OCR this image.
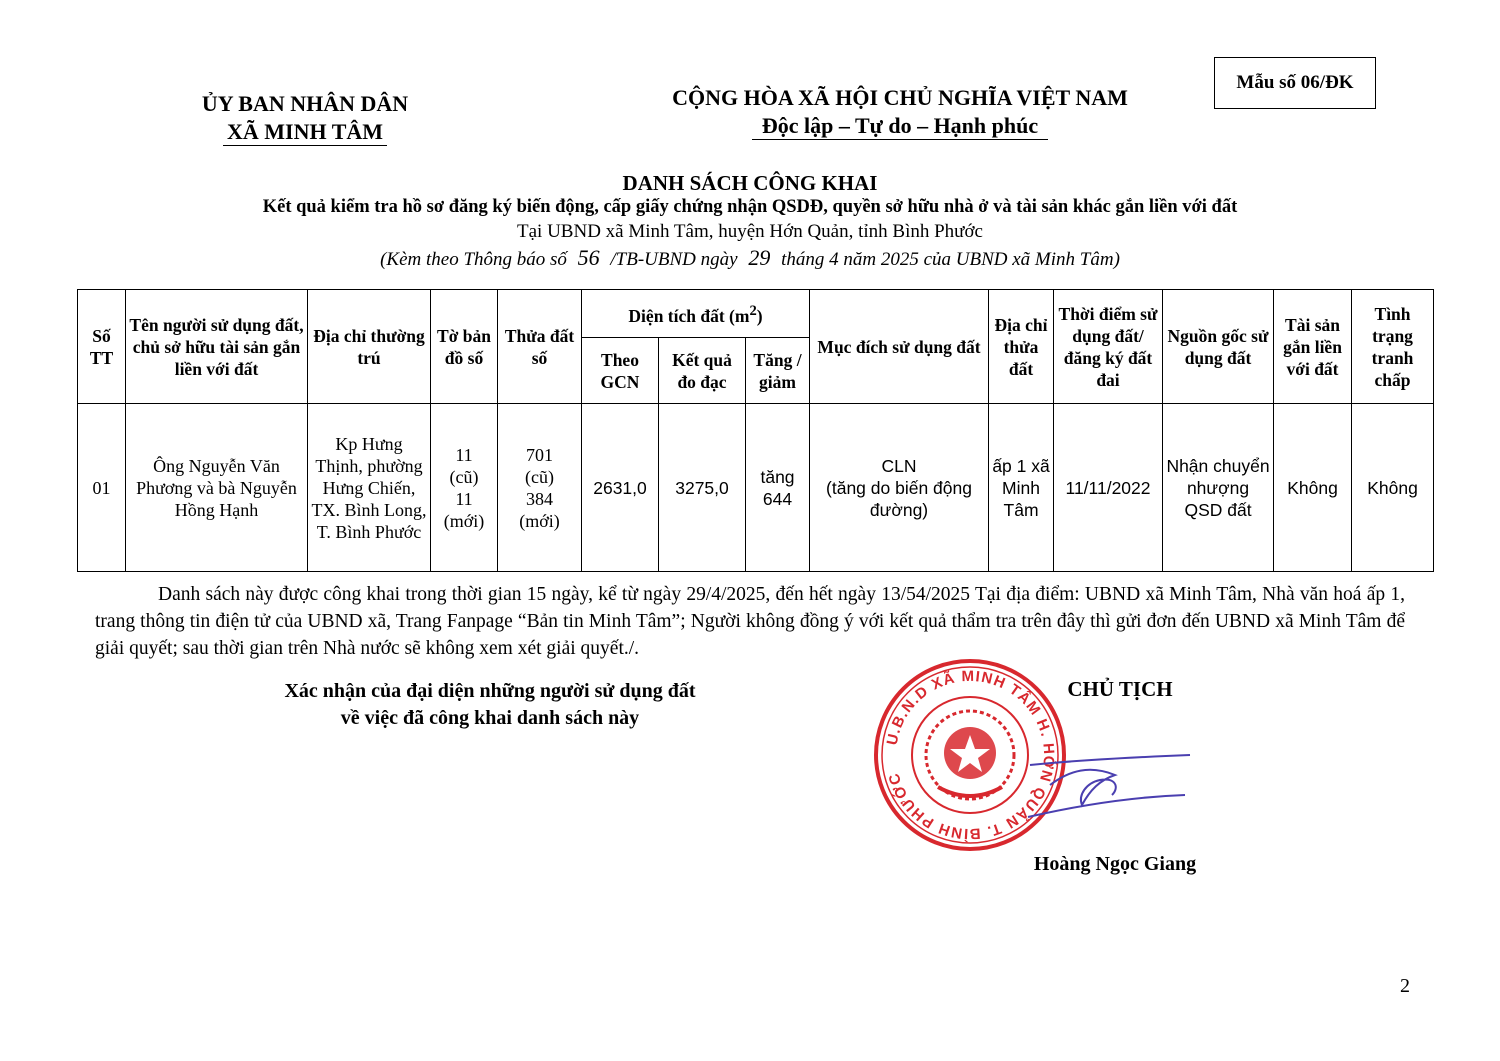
Mẫu số 06/ĐK
ỦY BAN NHÂN DÂN
XÃ MINH TÂM
CỘNG HÒA XÃ HỘI CHỦ NGHĨA VIỆT NAM
Độc lập – Tự do – Hạnh phúc
DANH SÁCH CÔNG KHAI
Kết quả kiểm tra hồ sơ đăng ký biến động, cấp giấy chứng nhận QSDĐ, quyền sở hữu nhà ở và tài sản khác gắn liền với đất
Tại UBND xã Minh Tâm, huyện Hớn Quản, tỉnh Bình Phước
(Kèm theo Thông báo số 56 /TB-UBND ngày 29 tháng 4 năm 2025 của UBND xã Minh Tâm)
Số TT	Tên người sử dụng đất, chủ sở hữu tài sản gắn liền với đất	Địa chỉ thường trú	Tờ bản đồ số	Thửa đất số	Diện tích đất $(m^2)$			Mục đích sử dụng đất	Địa chỉ thửa đất	Thời điểm sử dụng đất/đăng ký đất đai	Nguồn gốc sử dụng đất	Tài sản gắn liền với đất	Tình trạng tranh chấp
					Theo GCN	Kết quả đo đạc	Tăng / giảm						
01	Ông Nguyễn Văn Phương và bà Nguyễn Hồng Hạnh	Kp Hưng Thịnh, phường Hưng Chiến, TX. Bình Long, T. Bình Phước	11
(cũ)
11
(mới)	701
(cũ)
384
(mới)	2631,0	3275,0	tăng
644	CLN
(tăng do biến động đường)	ấp 1 xã Minh Tâm	11/11/2022	Nhận chuyển nhượng QSD đất	Không	Không
Danh sách này được công khai trong thời gian 15 ngày, kể từ ngày 29/4/2025, đến hết ngày 13/54/2025 Tại địa điểm: UBND xã Minh Tâm, Nhà văn hoá ấp 1, trang thông tin điện tử của UBND xã, Trang Fanpage “Bản tin Minh Tâm”; Người không đồng ý với kết quả thẩm tra trên đây thì gửi đơn đến UBND xã Minh Tâm để giải quyết; sau thời gian trên Nhà nước sẽ không xem xét giải quyết./.
Xác nhận của đại diện những người sử dụng đất
về việc đã công khai danh sách này
U.B.N.D XÃ MINH TÂM H. HỚN QUẢN T. BÌNH PHƯỚC
CHỦ TỊCH
Hoàng Ngọc Giang
2
